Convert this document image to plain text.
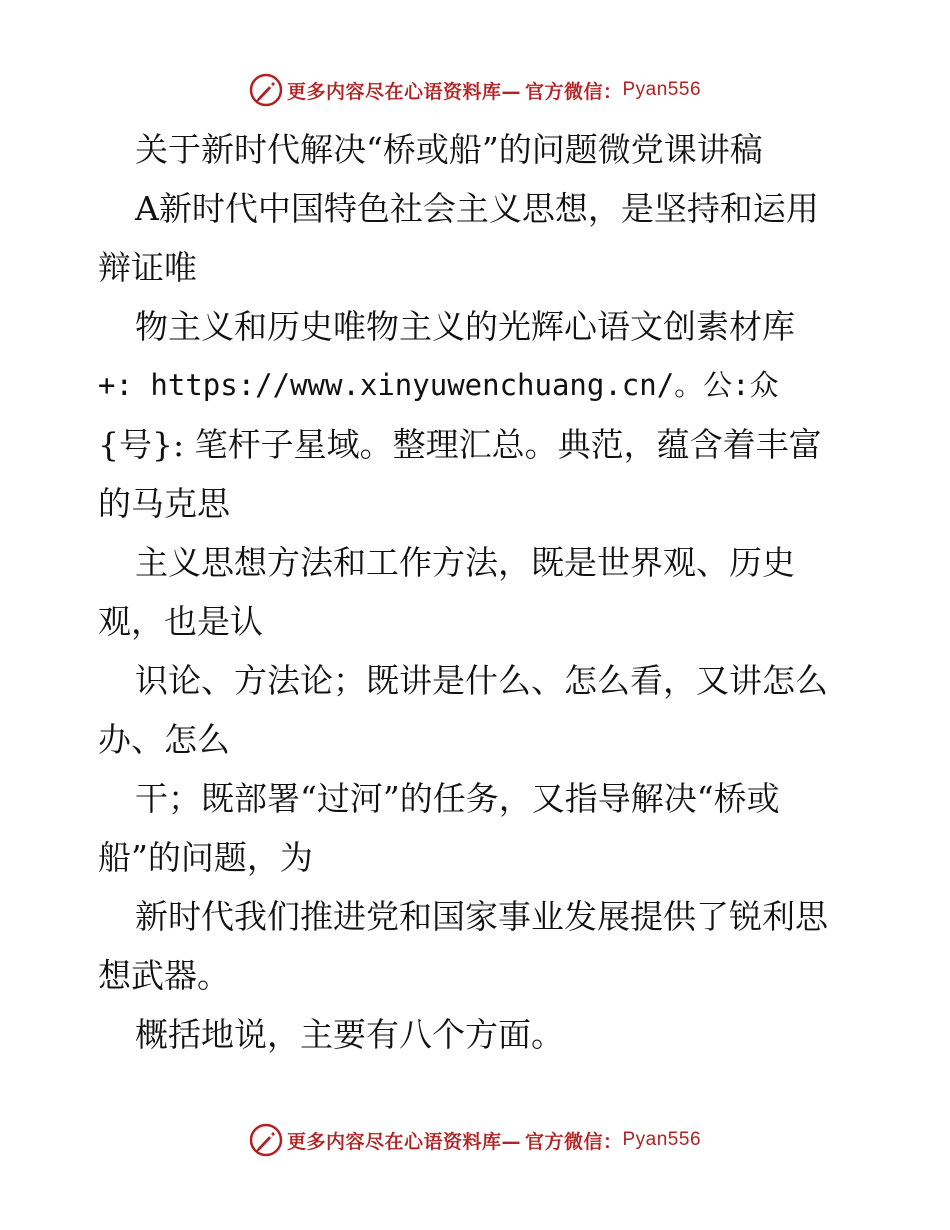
更多内容尽在心语资料库— 官方微信： Pyan556
关于新时代解决“桥或船”的问题微党课讲稿
A新时代中国特色社会主义思想，是坚持和运用
辩证唯
物主义和历史唯物主义的光辉心语文创素材库
+: https://www.xinyuwenchuang.cn/。公:众
{号}: 笔杆子星域。整理汇总。典范，蕴含着丰富
的马克思
主义思想方法和工作方法，既是世界观、历史
观，也是认
识论、方法论；既讲是什么、怎么看，又讲怎么
办、怎么
干；既部署“过河”的任务，又指导解决“桥或
船”的问题，为
新时代我们推进党和国家事业发展提供了锐利思
想武器。
概括地说，主要有八个方面。
更多内容尽在心语资料库— 官方微信： Pyan556
